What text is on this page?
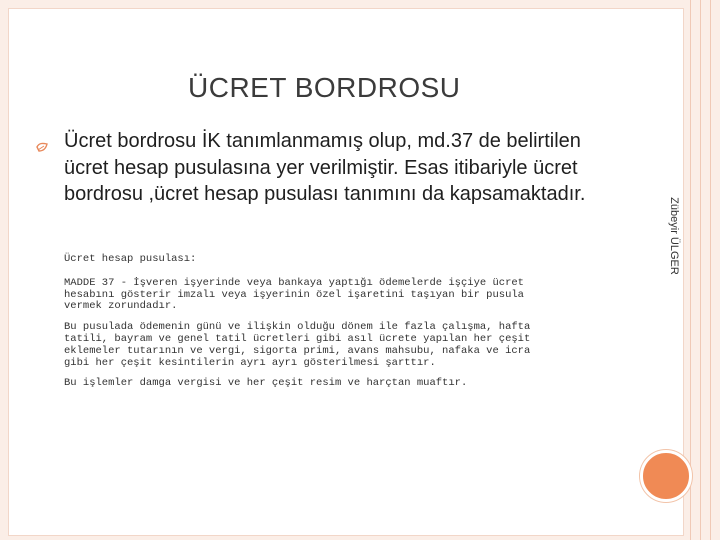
ÜCRET BORDROSU
Ücret bordrosu İK tanımlanmamış olup, md.37 de belirtilen ücret hesap pusulasına yer verilmiştir. Esas itibariyle ücret bordrosu ,ücret hesap pusulası tanımını da kapsamaktadır.
Zübeyir ÜLGER
Ücret hesap pusulası:

MADDE 37 - İşveren işyerinde veya bankaya yaptığı ödemelerde işçiye ücret hesabını gösterir imzalı veya işyerinin özel işaretini taşıyan bir pusula vermek zorundadır.

Bu pusulada ödemenin günü ve ilişkin olduğu dönem ile fazla çalışma, hafta tatili, bayram ve genel tatil ücretleri gibi asıl ücrete yapılan her çeşit eklemeler tutarının ve vergi, sigorta primi, avans mahsubu, nafaka ve icra gibi her çeşit kesintilerin ayrı ayrı gösterilmesi şarttır.

Bu işlemler damga vergisi ve her çeşit resim ve harçtan muaftır.
